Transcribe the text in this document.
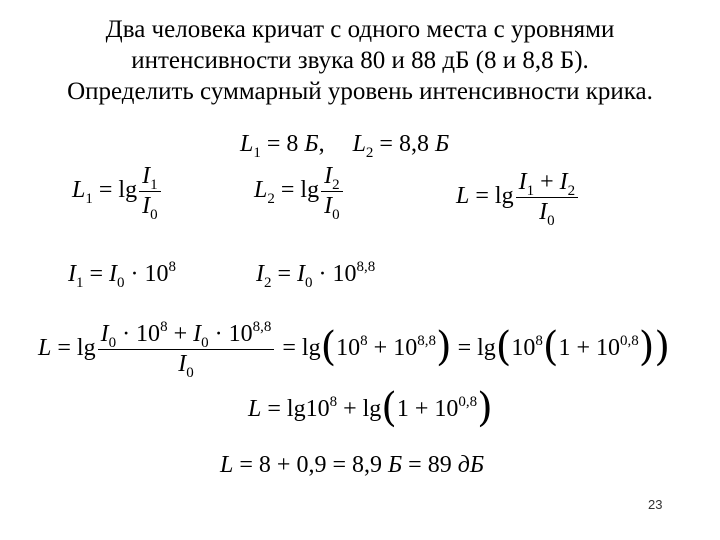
Два человека кричат с одного места с уровнями
интенсивности звука 80 и 88 дБ (8 и 8,8 Б).
Определить суммарный уровень интенсивности крика.
$L_1 = 8$ Б, $L_2 = 8,8$ Б
$L_1 = \lg \frac{I_1}{I_0}$	$L_2 = \lg \frac{I_2}{I_0}$	$L = \lg \frac{I_1 + I_2}{I_0}$
$I_1 = I_0 \cdot 10^8$	$I_2 = I_0 \cdot 10^{8,8}$
$L = \lg \frac{I_0 \cdot 10^8 + I_0 \cdot 10^{8,8}}{I_0} = \lg(10^8 + 10^{8,8}) = \lg(10^8(1 + 10^{0,8}))$
$L = \lg 10^8 + \lg(1 + 10^{0,8})$
L = 8 + 0,9 = 8,9 Б = 89 дБ
23
